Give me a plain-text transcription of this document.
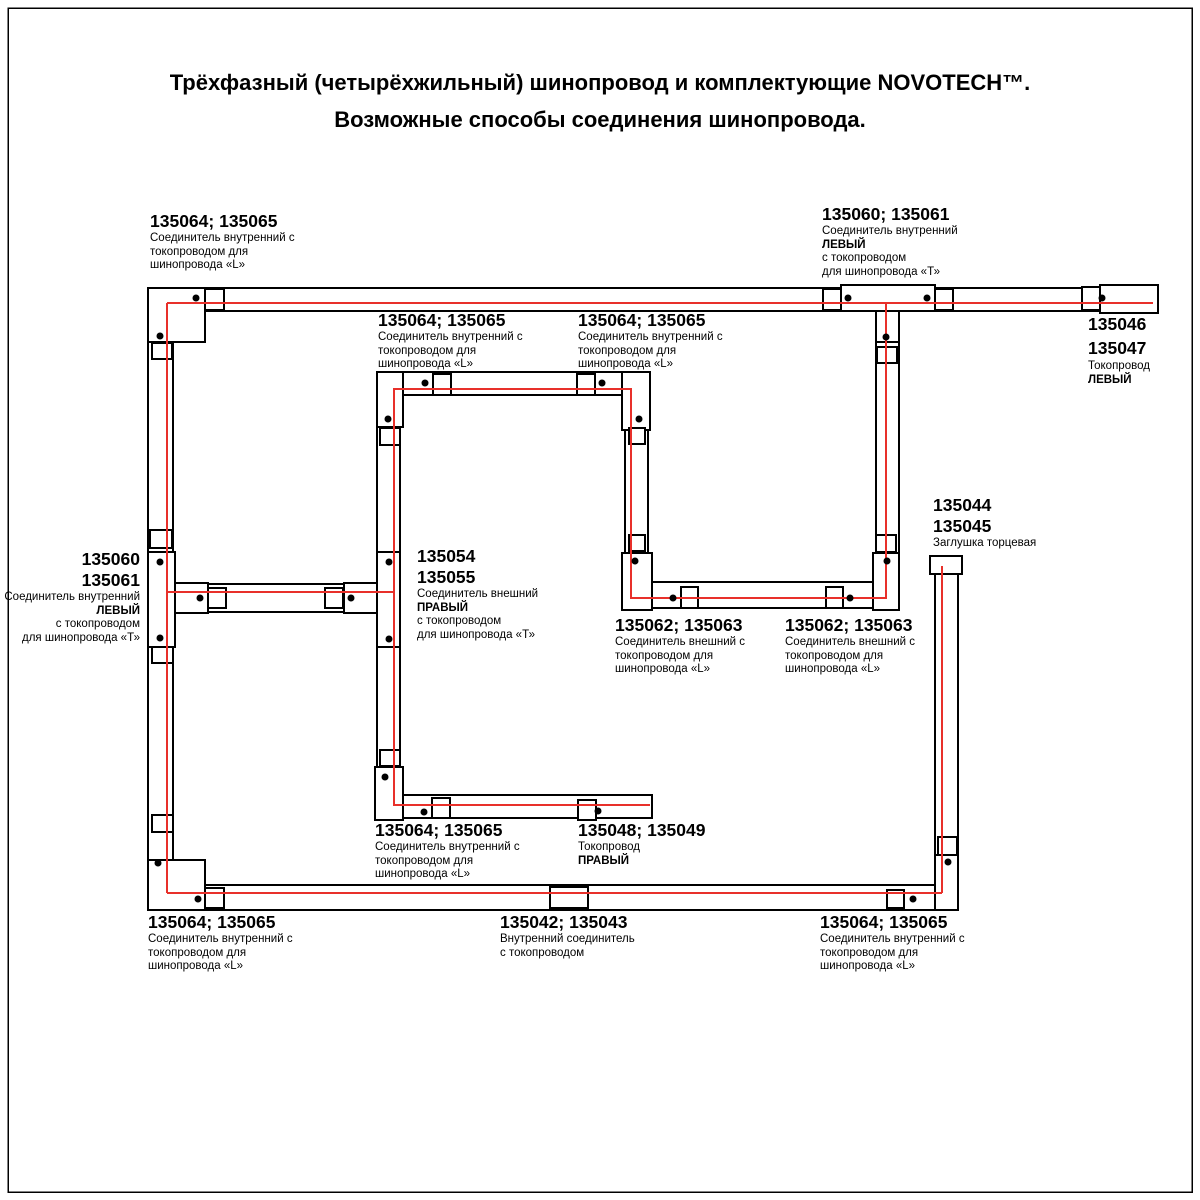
Трёхфазный (четырёхжильный) шинопровод и комплектующие NOVOTECH™.
Возможные способы соединения шинопровода.
135064; 135065
Соединитель внутренний с
токопроводом для
шинопровода «L»
135064; 135065
Соединитель внутренний с
токопроводом для
шинопровода «L»
135064; 135065
Соединитель внутренний с
токопроводом для
шинопровода «L»
135060; 135061
Соединитель внутренний
ЛЕВЫЙ
с токопроводом
для шинопровода «Т»
135046
135047
Токопровод
ЛЕВЫЙ
135060
135061
Соединитель внутренний
ЛЕВЫЙ
с токопроводом
для шинопровода «Т»
135054
135055
Соединитель внешний
ПРАВЫЙ
с токопроводом
для шинопровода «Т»	135062; 135063
Соединитель внешний с
токопроводом для
шинопровода «L»
135062; 135063
Соединитель внешний с
токопроводом для
шинопровода «L»
135044
135045
Заглушка торцевая
135064; 135065
Соединитель внутренний с
токопроводом для
шинопровода «L»
135048; 135049
Токопровод
ПРАВЫЙ
135064; 135065
Соединитель внутренний с
токопроводом для
шинопровода «L»
135042; 135043
Внутренний соединитель
с токопроводом
135064; 135065
Соединитель внутренний с
токопроводом для
шинопровода «L»
